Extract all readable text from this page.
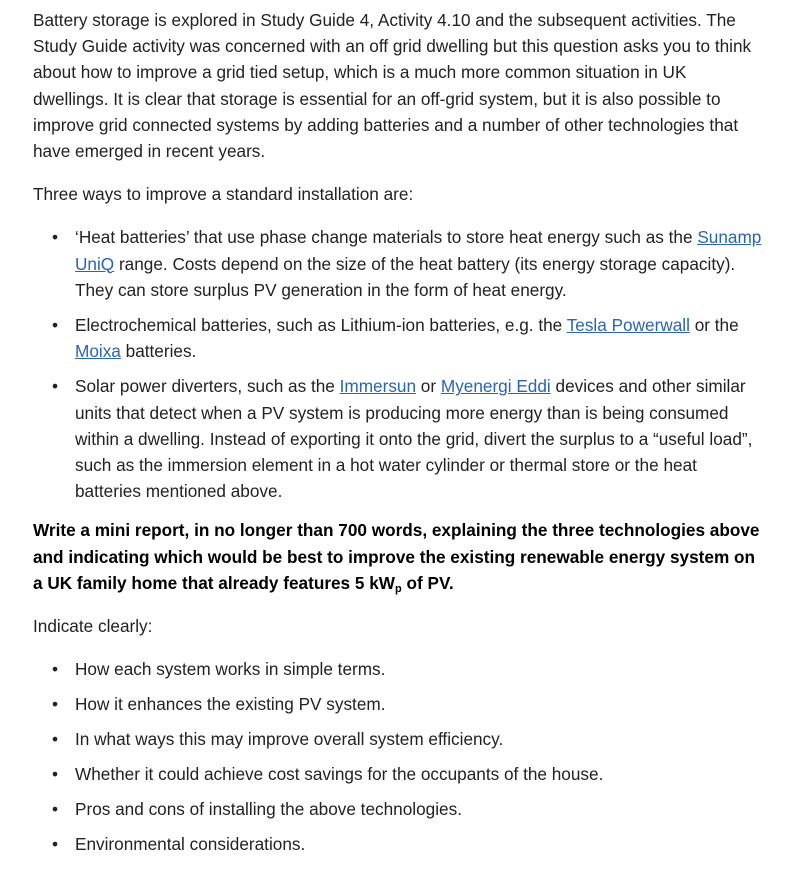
Battery storage is explored in Study Guide 4, Activity 4.10 and the subsequent activities. The Study Guide activity was concerned with an off grid dwelling but this question asks you to think about how to improve a grid tied setup, which is a much more common situation in UK dwellings. It is clear that storage is essential for an off-grid system, but it is also possible to improve grid connected systems by adding batteries and a number of other technologies that have emerged in recent years.

Three ways to improve a standard installation are:

• ‘Heat batteries’ that use phase change materials to store heat energy such as the Sunamp UniQ range. Costs depend on the size of the heat battery (its energy storage capacity). They can store surplus PV generation in the form of heat energy.
• Electrochemical batteries, such as Lithium-ion batteries, e.g. the Tesla Powerwall or the Moixa batteries.
• Solar power diverters, such as the Immersun or Myenergi Eddi devices and other similar units that detect when a PV system is producing more energy than is being consumed within a dwelling. Instead of exporting it onto the grid, divert the surplus to a “useful load”, such as the immersion element in a hot water cylinder or thermal store or the heat batteries mentioned above.

Write a mini report, in no longer than 700 words, explaining the three technologies above and indicating which would be best to improve the existing renewable energy system on a UK family home that already features 5 $kW_p$ of PV.

Indicate clearly:

• How each system works in simple terms.
• How it enhances the existing PV system.
• In what ways this may improve overall system efficiency.
• Whether it could achieve cost savings for the occupants of the house.
• Pros and cons of installing the above technologies.
• Environmental considerations.
